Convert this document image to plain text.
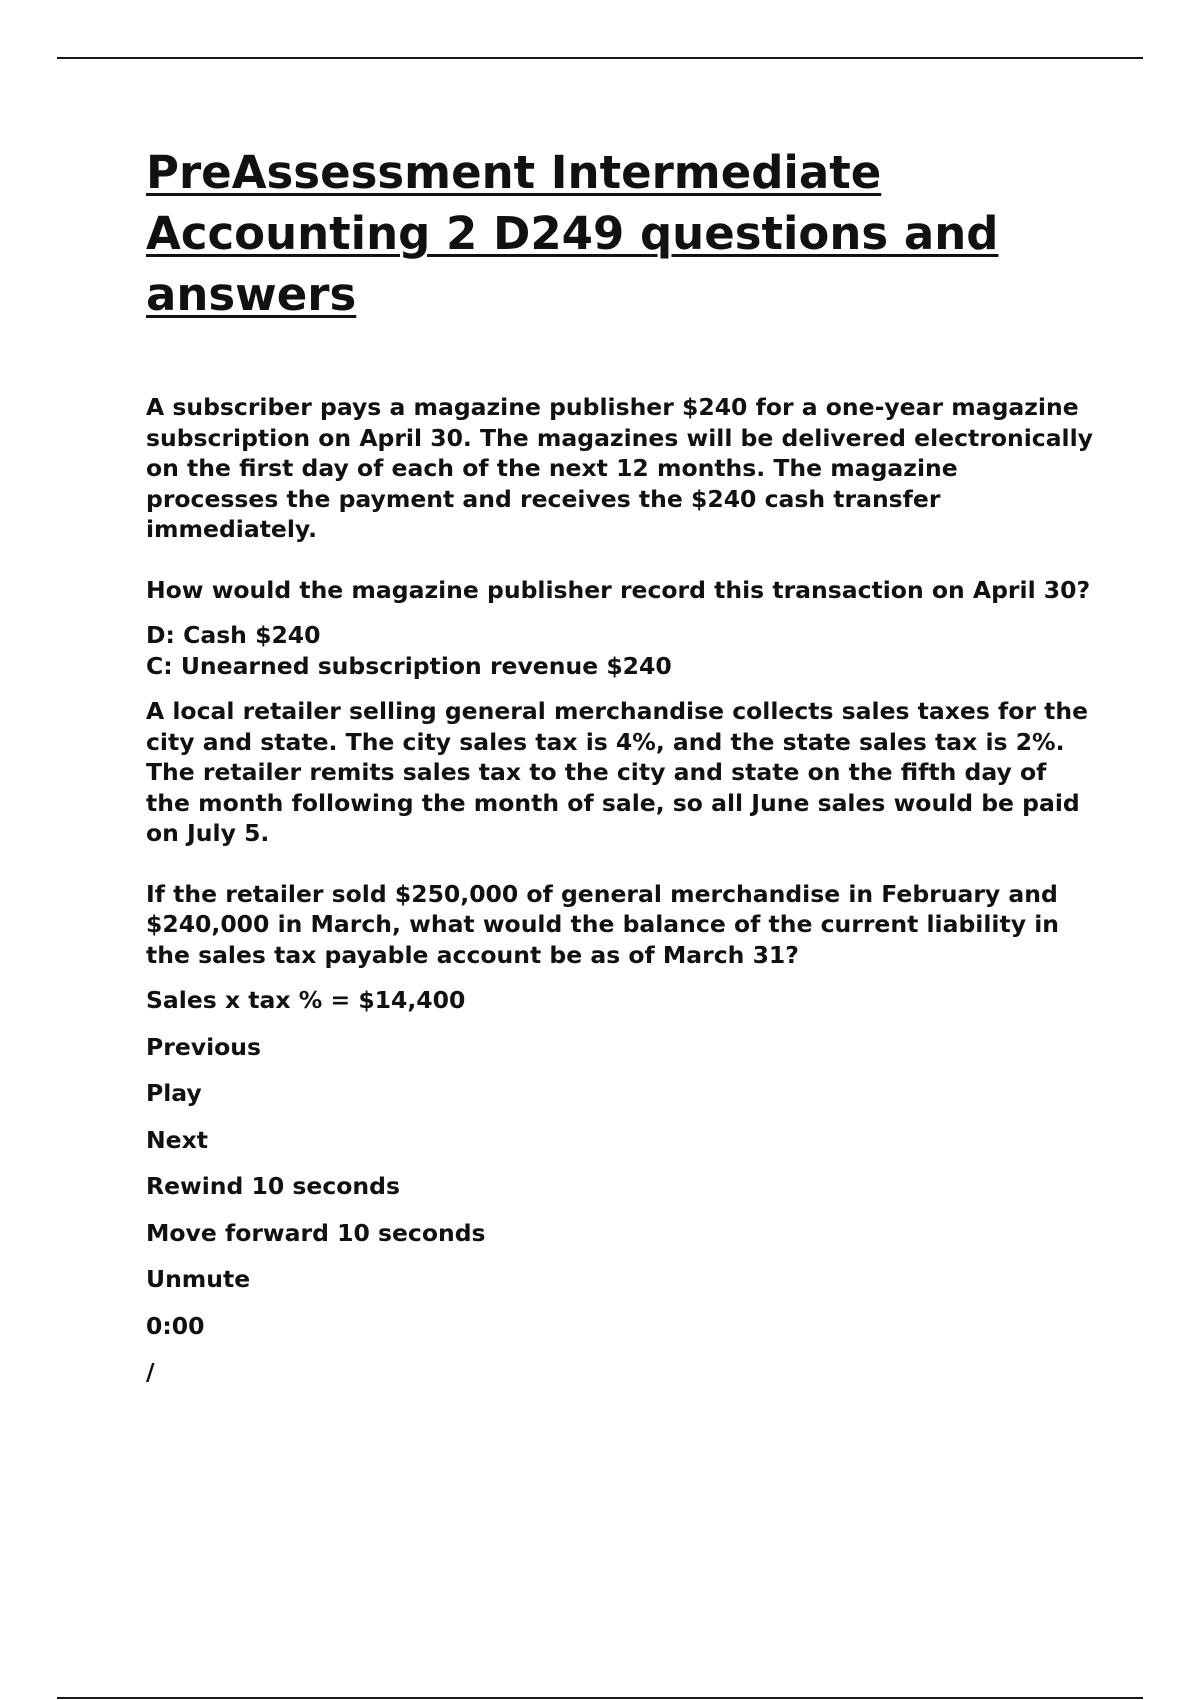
PreAssessment Intermediate Accounting 2 D249 questions and answers

A subscriber pays a magazine publisher $240 for a one-year magazine subscription on April 30. The magazines will be delivered electronically on the first day of each of the next 12 months. The magazine processes the payment and receives the $240 cash transfer immediately.

How would the magazine publisher record this transaction on April 30?

D: Cash $240

C: Unearned subscription revenue $240

A local retailer selling general merchandise collects sales taxes for the city and state. The city sales tax is 4%, and the state sales tax is 2%. The retailer remits sales tax to the city and state on the fifth day of the month following the month of sale, so all June sales would be paid on July 5.

If the retailer sold $250,000 of general merchandise in February and $240,000 in March, what would the balance of the current liability in the sales tax payable account be as of March 31?

Sales x tax % = $14,400

Previous
Play
Next
Rewind 10 seconds
Move forward 10 seconds
Unmute
0:00
/
